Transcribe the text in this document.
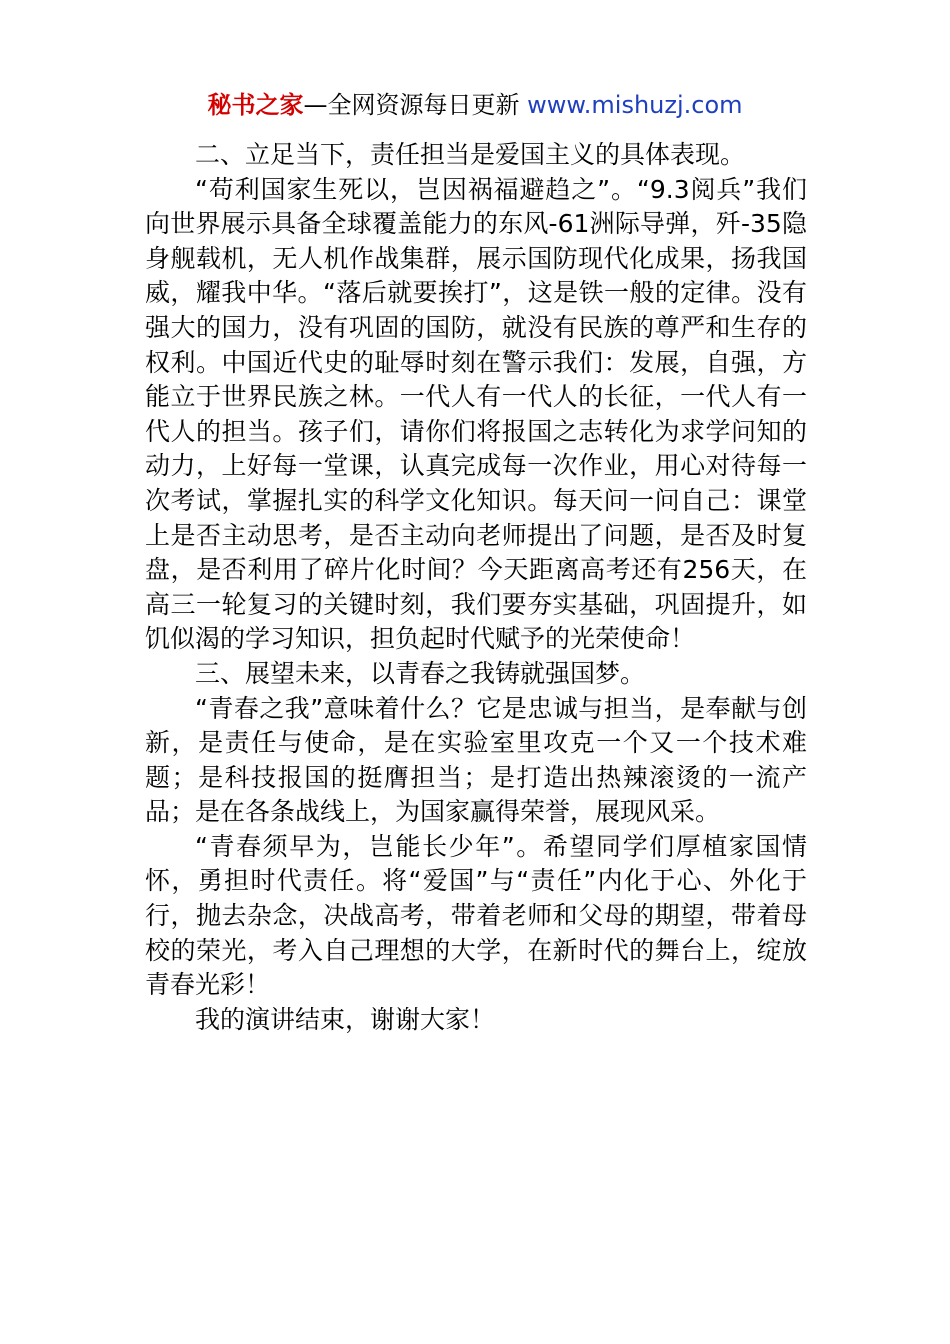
秘书之家—全网资源每日更新 www.mishuzj.com

二、立足当下，责任担当是爱国主义的具体表现。

“苟利国家生死以，岂因祸福避趋之”。“9.3阅兵”我们向世界展示具备全球覆盖能力的东风-61洲际导弹，歼-35隐身舰载机，无人机作战集群，展示国防现代化成果，扬我国威，耀我中华。“落后就要挨打”，这是铁一般的定律。没有强大的国力，没有巩固的国防，就没有民族的尊严和生存的权利。中国近代史的耻辱时刻在警示我们：发展，自强，方能立于世界民族之林。一代人有一代人的长征，一代人有一代人的担当。孩子们，请你们将报国之志转化为求学问知的动力，上好每一堂课，认真完成每一次作业，用心对待每一次考试，掌握扎实的科学文化知识。每天问一问自己：课堂上是否主动思考，是否主动向老师提出了问题，是否及时复盘，是否利用了碎片化时间？今天距离高考还有256天，在高三一轮复习的关键时刻，我们要夯实基础，巩固提升，如饥似渴的学习知识，担负起时代赋予的光荣使命！

三、展望未来，以青春之我铸就强国梦。

“青春之我”意味着什么？它是忠诚与担当，是奉献与创新，是责任与使命，是在实验室里攻克一个又一个技术难题；是科技报国的挺膺担当；是打造出热辣滚烫的一流产品；是在各条战线上，为国家赢得荣誉，展现风采。

“青春须早为，岂能长少年”。希望同学们厚植家国情怀，勇担时代责任。将“爱国”与“责任”内化于心、外化于行，抛去杂念，决战高考，带着老师和父母的期望，带着母校的荣光，考入自己理想的大学，在新时代的舞台上，绽放青春光彩！

我的演讲结束，谢谢大家！
